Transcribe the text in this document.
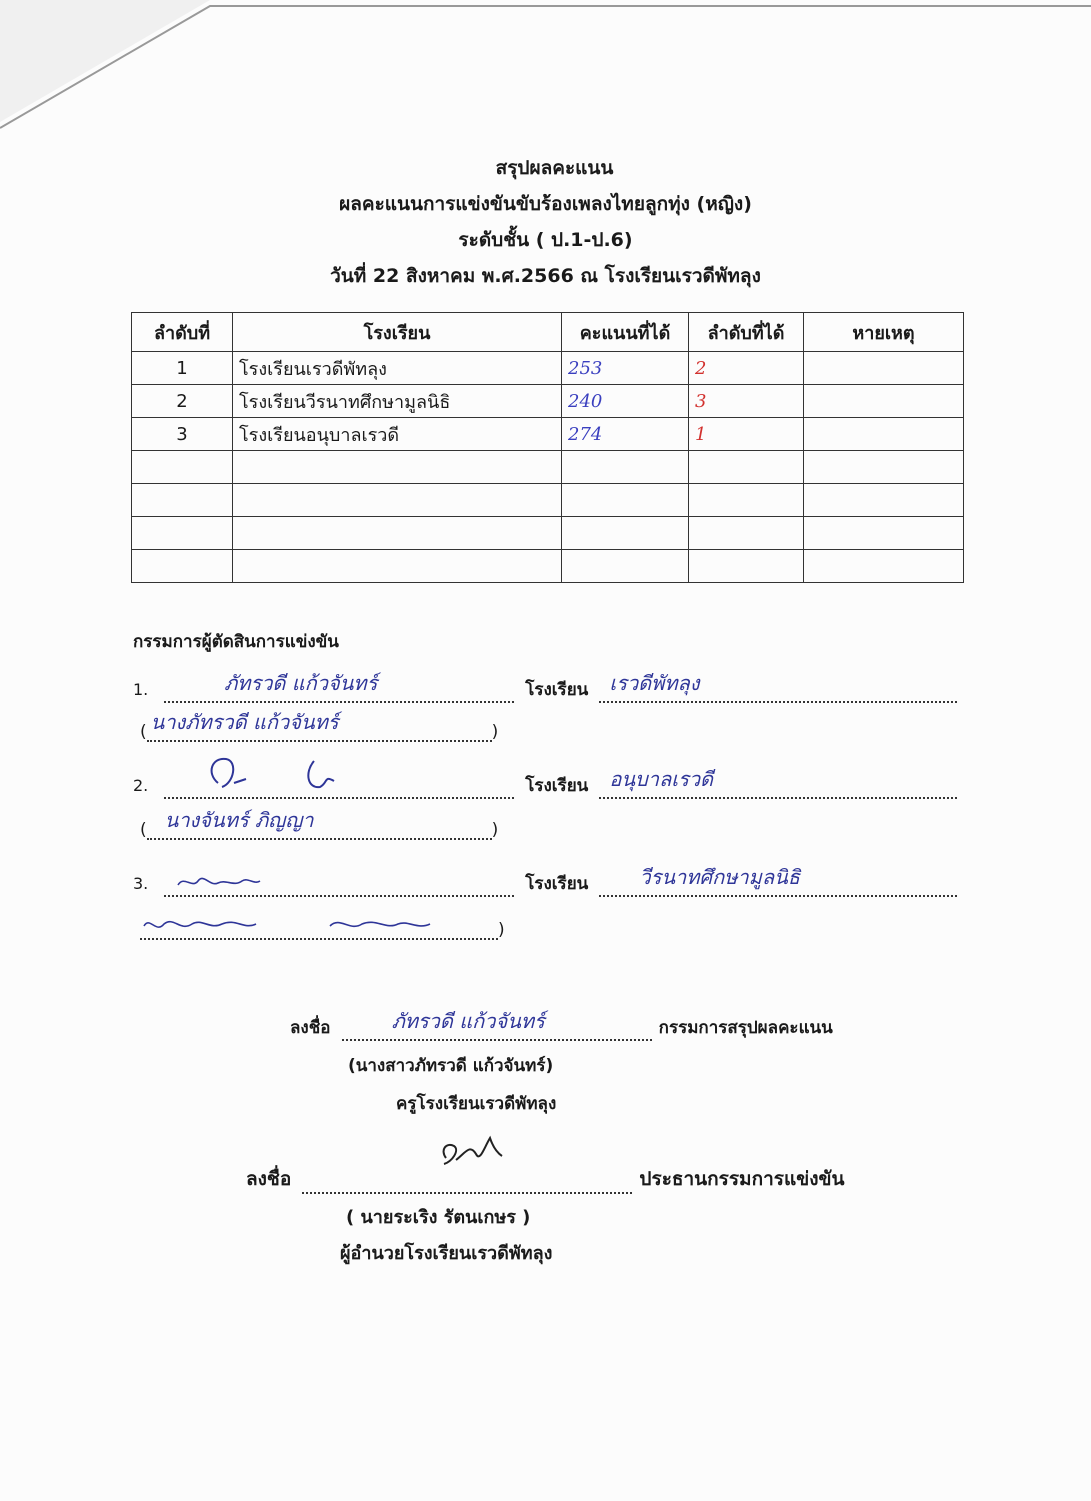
สรุปผลคะแนน
ผลคะแนนการแข่งขันขับร้องเพลงไทยลูกทุ่ง (หญิง)
ระดับชั้น ( ป.1-ป.6)
วันที่ 22 สิงหาคม พ.ศ.2566 ณ โรงเรียนเรวดีพัทลุง
ลำดับที่	โรงเรียน	คะแนนที่ได้	ลำดับที่ได้	หายเหตุ
1	โรงเรียนเรวดีพัทลุง	253	2	
2	โรงเรียนวีรนาทศึกษามูลนิธิ	240	3	
3	โรงเรียนอนุบาลเรวดี	274	1	

กรรมการผู้ตัดสินการแข่งขัน
1.	ภัทรวดี แก้วจันทร์	โรงเรียน เรวดีพัทลุง
( นางภัทรวดี แก้วจันทร์	)
2.	โรงเรียน อนุบาลเรวดี
( นางจันทร์ ภิญญา	)
3.	โรงเรียน	วีรนาทศึกษามูลนิธิ
)
ลงชื่อ	ภัทรวดี แก้วจันทร์	กรรมการสรุปผลคะแนน
(นางสาวภัทรวดี แก้วจันทร์)
ครูโรงเรียนเรวดีพัทลุง
ลงชื่อ	ประธานกรรมการแข่งขัน
( นายระเริง รัตนเกษร )
ผู้อำนวยโรงเรียนเรวดีพัทลุง
